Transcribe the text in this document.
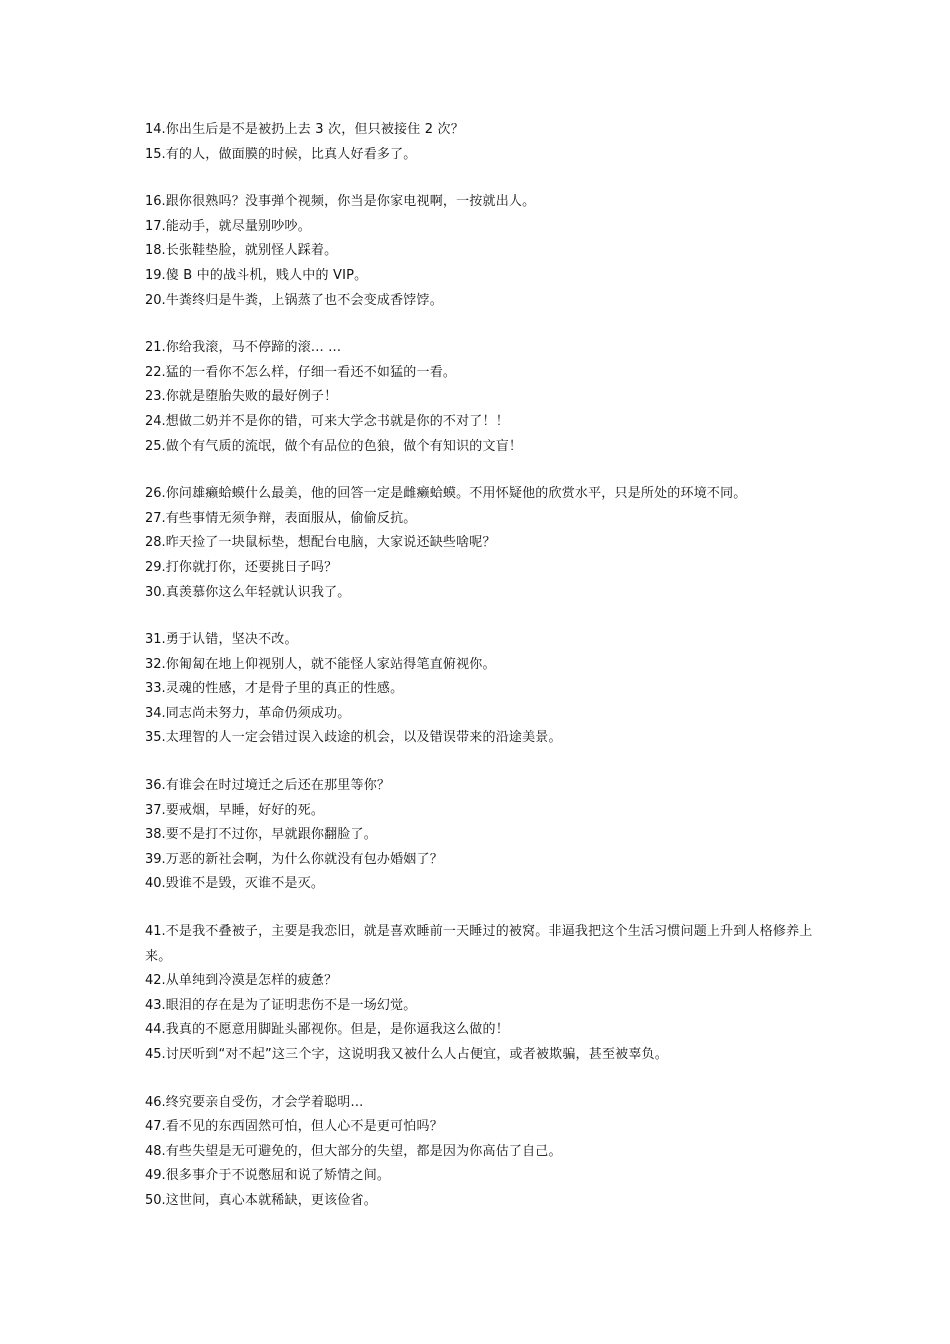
14.你出生后是不是被扔上去 3 次，但只被接住 2 次？
15.有的人，做面膜的时候，比真人好看多了。
16.跟你很熟吗？没事弹个视频，你当是你家电视啊，一按就出人。
17.能动手，就尽量别吵吵。
18.长张鞋垫脸，就别怪人踩着。
19.傻 B 中的战斗机，贱人中的 VIP。
20.牛粪终归是牛粪，上锅蒸了也不会变成香饽饽。
21.你给我滚，马不停蹄的滚... ...
22.猛的一看你不怎么样，仔细一看还不如猛的一看。
23.你就是堕胎失败的最好例子！
24.想做二奶并不是你的错，可来大学念书就是你的不对了！！
25.做个有气质的流氓，做个有品位的色狼，做个有知识的文盲！
26.你问雄癞蛤蟆什么最美，他的回答一定是雌癞蛤蟆。不用怀疑他的欣赏水平，只是所处的环境不同。
27.有些事情无须争辩，表面服从，偷偷反抗。
28.昨天捡了一块鼠标垫，想配台电脑，大家说还缺些啥呢？
29.打你就打你，还要挑日子吗？
30.真羡慕你这么年轻就认识我了。
31.勇于认错，坚决不改。
32.你匍匐在地上仰视别人，就不能怪人家站得笔直俯视你。
33.灵魂的性感，才是骨子里的真正的性感。
34.同志尚未努力，革命仍须成功。
35.太理智的人一定会错过误入歧途的机会，以及错误带来的沿途美景。
36.有谁会在时过境迁之后还在那里等你？
37.要戒烟，早睡，好好的死。
38.要不是打不过你，早就跟你翻脸了。
39.万恶的新社会啊，为什么你就没有包办婚姻了？
40.毁谁不是毁，灭谁不是灭。
41.不是我不叠被子，主要是我恋旧，就是喜欢睡前一天睡过的被窝。非逼我把这个生活习惯问题上升到人格修养上来。
42.从单纯到冷漠是怎样的疲惫？
43.眼泪的存在是为了证明悲伤不是一场幻觉。
44.我真的不愿意用脚趾头鄙视你。但是，是你逼我这么做的！
45.讨厌听到“对不起”这三个字，这说明我又被什么人占便宜，或者被欺骗，甚至被辜负。
46.终究要亲自受伤，才会学着聪明...
47.看不见的东西固然可怕，但人心不是更可怕吗？
48.有些失望是无可避免的，但大部分的失望，都是因为你高估了自己。
49.很多事介于不说憋屈和说了矫情之间。
50.这世间，真心本就稀缺，更该俭省。
